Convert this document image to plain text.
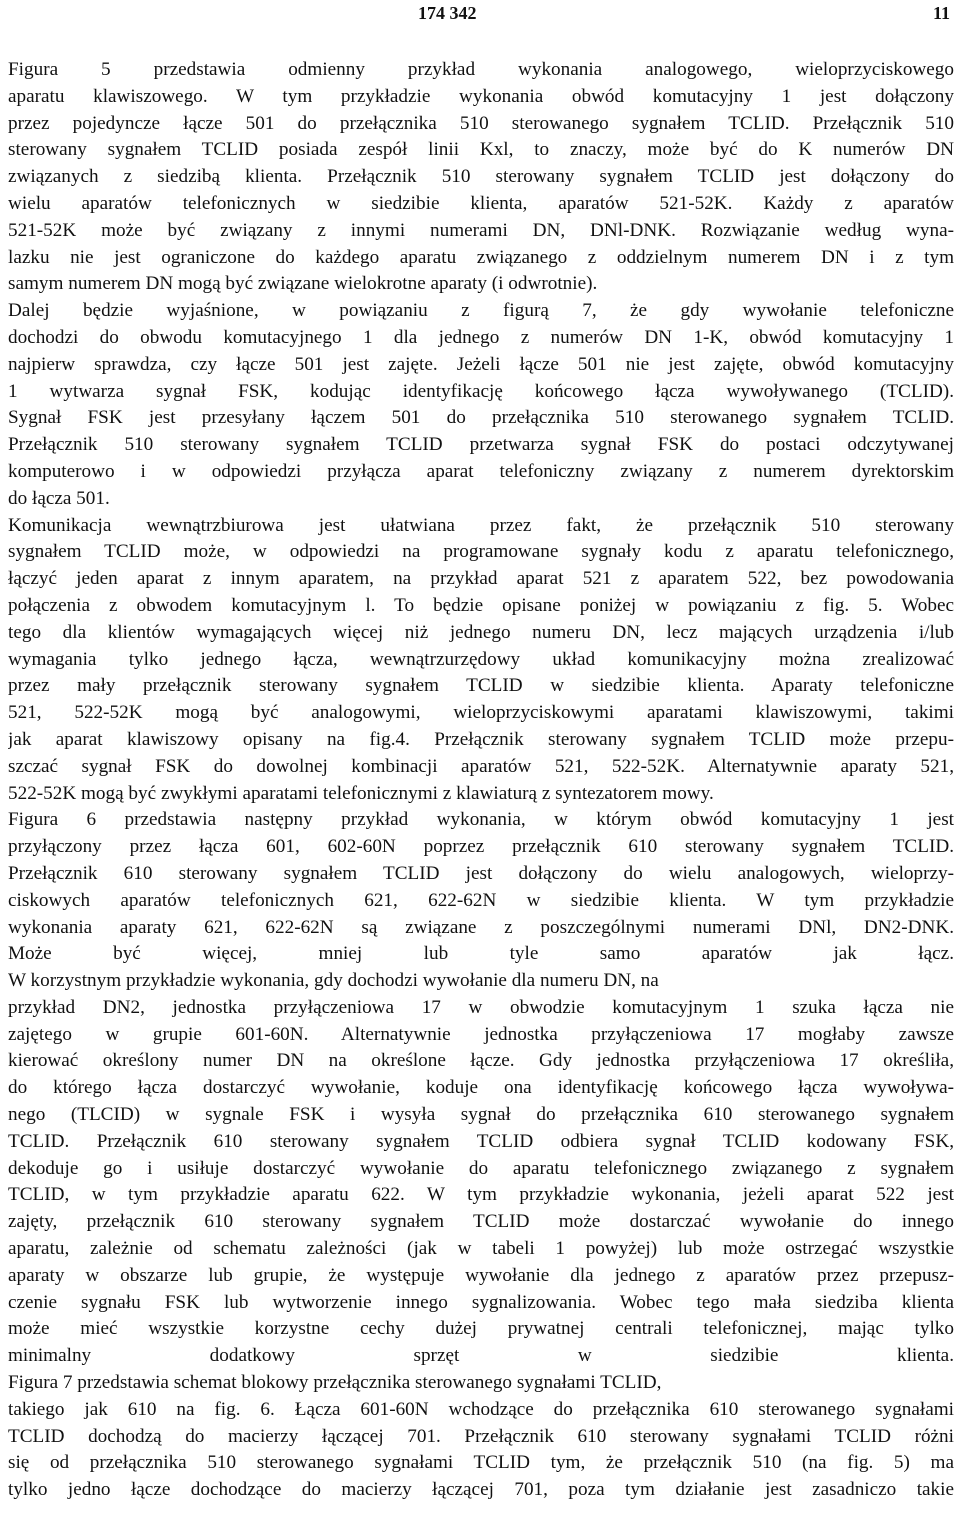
174 342	11
Figura 5 przedstawia odmienny przykład wykonania analogowego, wieloprzyciskowego
aparatu klawiszowego. W tym przykładzie wykonania obwód komutacyjny 1 jest dołączony
przez pojedyncze łącze 501 do przełącznika 510 sterowanego sygnałem TCLID. Przełącznik 510
sterowany sygnałem TCLID posiada zespół linii Kxl, to znaczy, może być do K numerów DN
związanych z siedzibą klienta. Przełącznik 510 sterowany sygnałem TCLID jest dołączony do
wielu aparatów telefonicznych w siedzibie klienta, aparatów 521-52K. Każdy z aparatów
521-52K może być związany z innymi numerami DN, DNl-DNK. Rozwiązanie według wyna-
lazku nie jest ograniczone do każdego aparatu związanego z oddzielnym numerem DN i z tym
samym numerem DN mogą być związane wielokrotne aparaty (i odwrotnie).
Dalej będzie wyjaśnione, w powiązaniu z figurą 7, że gdy wywołanie telefoniczne
dochodzi do obwodu komutacyjnego 1 dla jednego z numerów DN 1-K, obwód komutacyjny 1
najpierw sprawdza, czy łącze 501 jest zajęte. Jeżeli łącze 501 nie jest zajęte, obwód komutacyjny
1 wytwarza sygnał FSK, kodując identyfikację końcowego łącza wywoływanego (TCLID).
Sygnał FSK jest przesyłany łączem 501 do przełącznika 510 sterowanego sygnałem TCLID.
Przełącznik 510 sterowany sygnałem TCLID przetwarza sygnał FSK do postaci odczytywanej
komputerowo i w odpowiedzi przyłącza aparat telefoniczny związany z numerem dyrektorskim
do łącza 501.
Komunikacja wewnątrzbiurowa jest ułatwiana przez fakt, że przełącznik 510 sterowany
sygnałem TCLID może, w odpowiedzi na programowane sygnały kodu z aparatu telefonicznego,
łączyć jeden aparat z innym aparatem, na przykład aparat 521 z aparatem 522, bez powodowania
połączenia z obwodem komutacyjnym l. To będzie opisane poniżej w powiązaniu z fig. 5. Wobec
tego dla klientów wymagających więcej niż jednego numeru DN, lecz mających urządzenia i/lub
wymagania tylko jednego łącza, wewnątrzurzędowy układ komunikacyjny można zrealizować
przez mały przełącznik sterowany sygnałem TCLID w siedzibie klienta. Aparaty telefoniczne
521, 522-52K mogą być analogowymi, wieloprzyciskowymi aparatami klawiszowymi, takimi
jak aparat klawiszowy opisany na fig.4. Przełącznik sterowany sygnałem TCLID może przepu-
szczać sygnał FSK do dowolnej kombinacji aparatów 521, 522-52K. Alternatywnie aparaty 521,
522-52K mogą być zwykłymi aparatami telefonicznymi z klawiaturą z syntezatorem mowy.
Figura 6 przedstawia następny przykład wykonania, w którym obwód komutacyjny 1 jest
przyłączony przez łącza 601, 602-60N poprzez przełącznik 610 sterowany sygnałem TCLID.
Przełącznik 610 sterowany sygnałem TCLID jest dołączony do wielu analogowych, wieloprzy-
ciskowych aparatów telefonicznych 621, 622-62N w siedzibie klienta. W tym przykładzie
wykonania aparaty 621, 622-62N są związane z poszczególnymi numerami DNl, DN2-DNK.
Może być więcej, mniej lub tyle samo aparatów jak łącz.
W korzystnym przykładzie wykonania, gdy dochodzi wywołanie dla numeru DN, na
przykład DN2, jednostka przyłączeniowa 17 w obwodzie komutacyjnym 1 szuka łącza nie
zajętego w grupie 601-60N. Alternatywnie jednostka przyłączeniowa 17 mogłaby zawsze
kierować określony numer DN na określone łącze. Gdy jednostka przyłączeniowa 17 określiła,
do którego łącza dostarczyć wywołanie, koduje ona identyfikację końcowego łącza wywoływa-
nego (TLCID) w sygnale FSK i wysyła sygnał do przełącznika 610 sterowanego sygnałem
TCLID. Przełącznik 610 sterowany sygnałem TCLID odbiera sygnał TCLID kodowany FSK,
dekoduje go i usiłuje dostarczyć wywołanie do aparatu telefonicznego związanego z sygnałem
TCLID, w tym przykładzie aparatu 622. W tym przykładzie wykonania, jeżeli aparat 522 jest
zajęty, przełącznik 610 sterowany sygnałem TCLID może dostarczać wywołanie do innego
aparatu, zależnie od schematu zależności (jak w tabeli 1 powyżej) lub może ostrzegać wszystkie
aparaty w obszarze lub grupie, że występuje wywołanie dla jednego z aparatów przez przepusz-
czenie sygnału FSK lub wytworzenie innego sygnalizowania. Wobec tego mała siedziba klienta
może mieć wszystkie korzystne cechy dużej prywatnej centrali telefonicznej, mając tylko
minimalny dodatkowy sprzęt w siedzibie klienta.
Figura 7 przedstawia schemat blokowy przełącznika sterowanego sygnałami TCLID,
takiego jak 610 na fig. 6. Łącza 601-60N wchodzące do przełącznika 610 sterowanego sygnałami
TCLID dochodzą do macierzy łączącej 701. Przełącznik 610 sterowany sygnałami TCLID różni
się od przełącznika 510 sterowanego sygnałami TCLID tym, że przełącznik 510 (na fig. 5) ma
tylko jedno łącze dochodzące do macierzy łączącej 701, poza tym działanie jest zasadniczo takie
